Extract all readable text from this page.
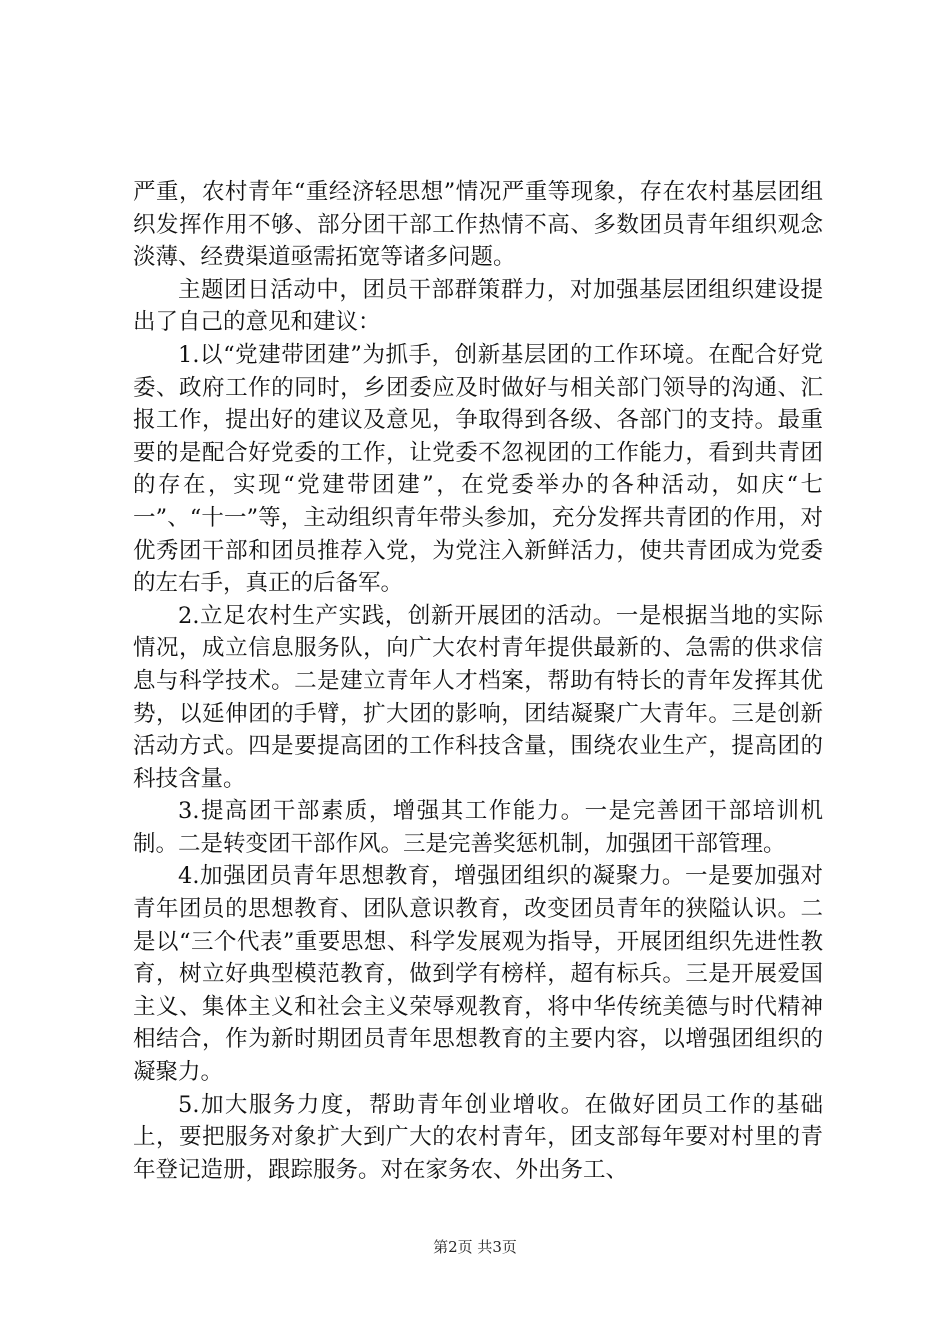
严重，农村青年“重经济轻思想”情况严重等现象，存在农村基层团组织发挥作用不够、部分团干部工作热情不高、多数团员青年组织观念淡薄、经费渠道亟需拓宽等诸多问题。

主题团日活动中，团员干部群策群力，对加强基层团组织建设提出了自己的意见和建议：

1.以“党建带团建”为抓手，创新基层团的工作环境。在配合好党委、政府工作的同时，乡团委应及时做好与相关部门领导的沟通、汇报工作，提出好的建议及意见，争取得到各级、各部门的支持。最重要的是配合好党委的工作，让党委不忽视团的工作能力，看到共青团的存在，实现“党建带团建”，在党委举办的各种活动，如庆“七一”、“十一”等，主动组织青年带头参加，充分发挥共青团的作用，对优秀团干部和团员推荐入党，为党注入新鲜活力，使共青团成为党委的左右手，真正的后备军。

2.立足农村生产实践，创新开展团的活动。一是根据当地的实际情况，成立信息服务队，向广大农村青年提供最新的、急需的供求信息与科学技术。二是建立青年人才档案，帮助有特长的青年发挥其优势，以延伸团的手臂，扩大团的影响，团结凝聚广大青年。三是创新活动方式。四是要提高团的工作科技含量，围绕农业生产，提高团的科技含量。

3.提高团干部素质，增强其工作能力。一是完善团干部培训机制。二是转变团干部作风。三是完善奖惩机制，加强团干部管理。

4.加强团员青年思想教育，增强团组织的凝聚力。一是要加强对青年团员的思想教育、团队意识教育，改变团员青年的狭隘认识。二是以“三个代表”重要思想、科学发展观为指导，开展团组织先进性教育，树立好典型模范教育，做到学有榜样，超有标兵。三是开展爱国主义、集体主义和社会主义荣辱观教育，将中华传统美德与时代精神相结合，作为新时期团员青年思想教育的主要内容，以增强团组织的凝聚力。

5.加大服务力度，帮助青年创业增收。在做好团员工作的基础上，要把服务对象扩大到广大的农村青年，团支部每年要对村里的青年登记造册，跟踪服务。对在家务农、外出务工、

第2页 共3页
